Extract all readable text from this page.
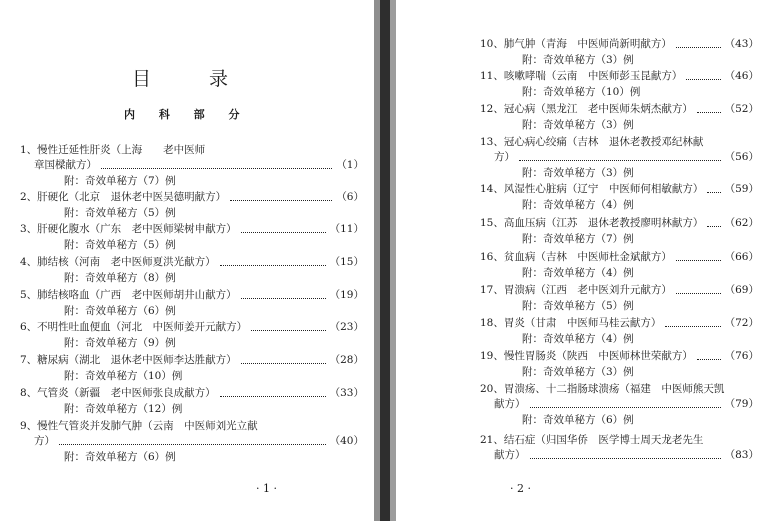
目 录
内 科 部 分
1、慢性迁延性肝炎（上海　　老中医师
章国樑献方）	（1）
附：奇效单秘方（7）例
2、肝硬化（北京　退休老中医吴德明献方）	（6）
附：奇效单秘方（5）例
3、肝硬化腹水（广东　老中医师梁树申献方）	（11）
附：奇效单秘方（5）例
4、肺结核（河南　老中医师夏洪光献方）	（15）
附：奇效单秘方（8）例
5、肺结核咯血（广西　老中医师胡井山献方）	（19）
附：奇效单秘方（6）例
6、不明性吐血便血（河北　中医师姜开元献方）	（23）
附：奇效单秘方（9）例
7、糖尿病（湖北　退休老中医师李达胜献方）	（28）
附：奇效单秘方（10）例
8、气管炎（新疆　老中医师张良成献方）	（33）
附：奇效单秘方（12）例
9、慢性气管炎并发肺气肿（云南　中医师刘光立献
方）	（40）
附：奇效单秘方（6）例
· 1 ·
10、肺气肿（青海　中医师尚新明献方）	（43）
附：奇效单秘方（3）例
11、咳嗽哮喘（云南　中医师彭玉昆献方）	（46）
附：奇效单秘方（10）例
12、冠心病（黑龙江　老中医师朱炳杰献方）	（52）
附：奇效单秘方（3）例
13、冠心病心绞痛（吉林　退休老教授邓纪林献
方）	（56）
附：奇效单秘方（3）例
14、风湿性心脏病（辽宁　中医师何相敏献方） （59）
附：奇效单秘方（4）例
15、高血压病（江苏　退休老教授廖明林献方） （62）
附：奇效单秘方（7）例
16、贫血病（吉林　中医师杜金斌献方）	（66）
附：奇效单秘方（4）例
17、胃溃病（江西　老中医刘升元献方）	（69）
附：奇效单秘方（5）例
18、胃炎（甘肃　中医师马桂云献方）	（72）
附：奇效单秘方（4）例
19、慢性胃肠炎（陕西　中医师林世荣献方）	（76）
附：奇效单秘方（3）例
20、胃溃疡、十二指肠球溃疡（福建　中医师熊天凯
献方）	（79）
附：奇效单秘方（6）例
21、结石症（归国华侨　医学博士周天龙老先生
献方）	（83）
· 2 ·
